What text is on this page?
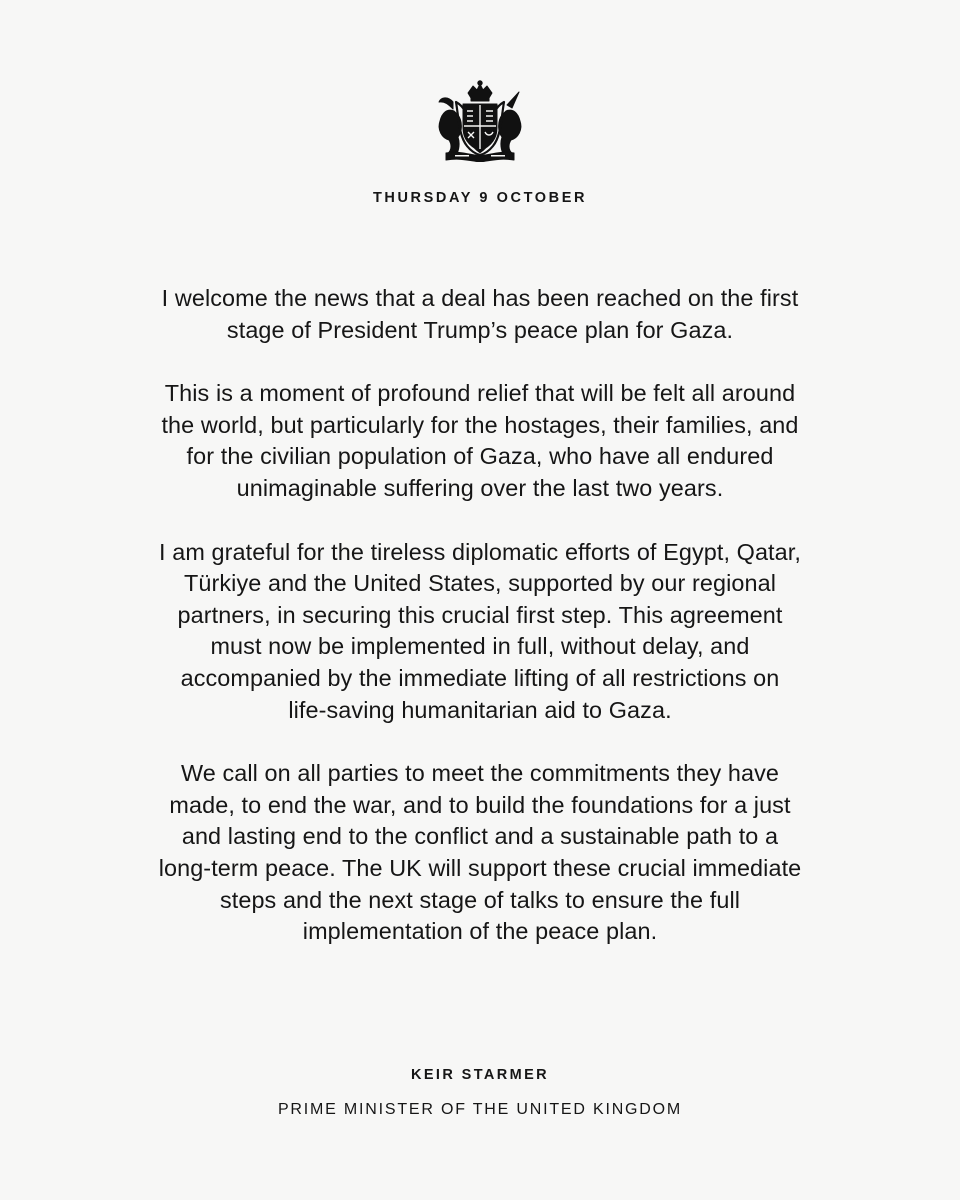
THURSDAY 9 OCTOBER

I welcome the news that a deal has been reached on the first
stage of President Trump’s peace plan for Gaza.

This is a moment of profound relief that will be felt all around
the world, but particularly for the hostages, their families, and
for the civilian population of Gaza, who have all endured
unimaginable suffering over the last two years.

I am grateful for the tireless diplomatic efforts of Egypt, Qatar,
Türkiye and the United States, supported by our regional
partners, in securing this crucial first step. This agreement
must now be implemented in full, without delay, and
accompanied by the immediate lifting of all restrictions on
life-saving humanitarian aid to Gaza.

We call on all parties to meet the commitments they have
made, to end the war, and to build the foundations for a just
and lasting end to the conflict and a sustainable path to a
long-term peace. The UK will support these crucial immediate
steps and the next stage of talks to ensure the full
implementation of the peace plan.

KEIR STARMER
PRIME MINISTER OF THE UNITED KINGDOM
